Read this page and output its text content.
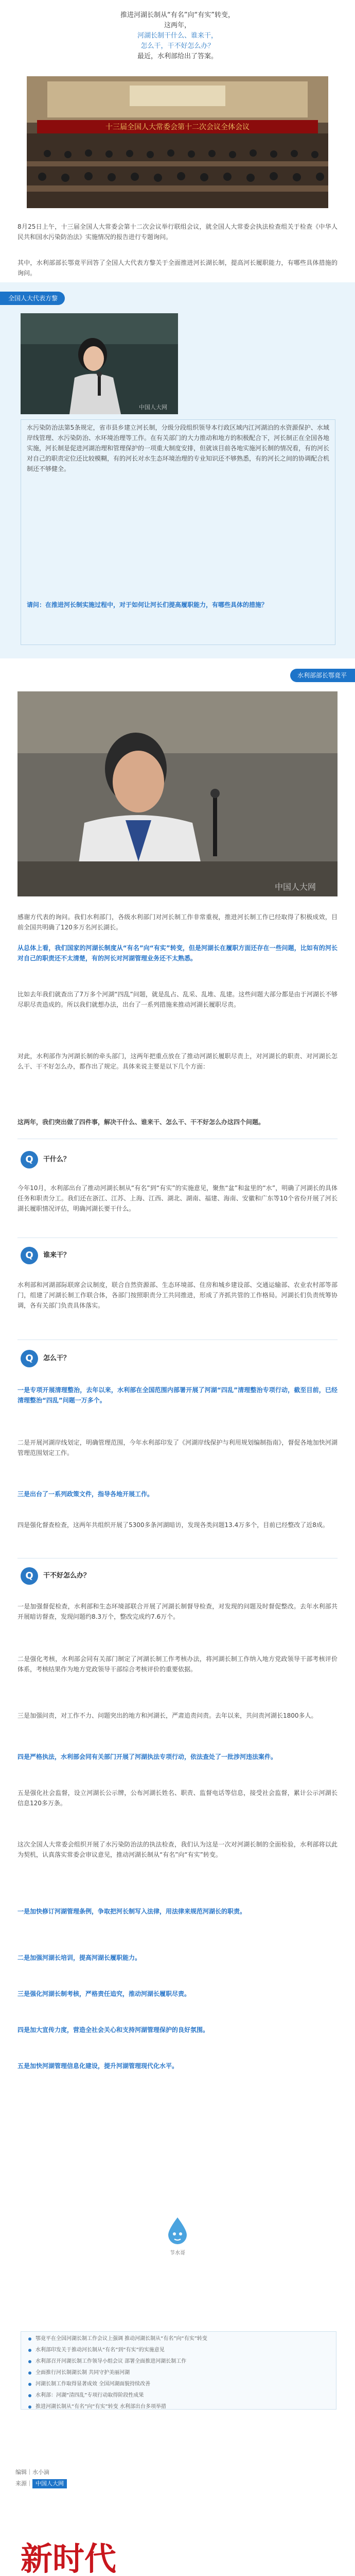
推进河湖长制从“有名”向“有实”转变，
这两年，
河湖长制干什么、谁来干，
怎么干，干不好怎么办？
最近，水利部给出了答案。
十三届全国人大常委会第十二次会议全体会议

8月25日上午，十三届全国人大常委会第十二次会议举行联组会议，就全国人大常委会执法检查组关于检查《中华人民共和国水污染防治法》实施情况的报告进行专题询问。

其中，水利部部长鄂竟平回答了全国人大代表方黎关于全面推进河长湖长制，提高河长履职能力，有哪些具体措施的询问。

全国人大代表方黎
中国人大网

水污染防治法第5条规定，省市县乡建立河长制，分级分段组织领导本行政区域内江河湖泊的水资源保护、水域岸线管理、水污染防治、水环境治理等工作。在有关部门的大力推动和地方的积极配合下，河长制正在全国各地实施，河长制是促进河湖治理和管理保护的一项重大制度安排，但就该目前各地实施河长制的情况看，有的河长对自己的职责定位还比较模糊，有的河长对水生态环境治理的专业知识还不够熟悉，有的河长之间的协调配合机制还不够健全。

请问：在推进河长制实施过程中，对于如何让河长们提高履职能力，有哪些具体的措施？

水利部部长鄂竟平
中国人大网

感谢方代表的询问。我们水利部门，各级水利部门对河长制工作非常重视，推进河长制工作已经取得了积极成效，目前全国共明确了120多万名河长湖长。

从总体上看，我们国家的河湖长制度从“有名”向“有实”转变，但是河湖长在履职方面还存在一些问题，比如有的河长对自己的职责还不太清楚，有的河长对河湖管理业务还不太熟悉。

比如去年我们就查出了7万多个河湖“四乱”问题，就是乱占、乱采、乱堆、乱建。这些问题大部分都是由于河湖长不够尽职尽责造成的。所以我们就想办法，出台了一系列措施来推动河湖长履职尽责。

对此，水利部作为河湖长制的牵头部门，这两年把重点放在了推动河湖长履职尽责上，对河湖长的职责、对河湖长怎么干、干不好怎么办，都作出了规定。具体来说主要是以下几个方面：

这两年，我们突出做了四件事，解决干什么、谁来干、怎么干、干不好怎么办这四个问题。

Q	干什么？

今年10月，水利部出台了推动河湖长制从“有名”到“有实”的实施意见，聚焦“盆”和盆里的“水”，明确了河湖长的具体任务和职责分工。我们还在浙江、江苏、上海、江西、湖北、湖南、福建、海南、安徽和广东等10个省份开展了河长湖长履职情况评估，明确河湖长要干什么。

Q	谁来干？

水利部和河湖部际联席会议制度，联合自然资源部、生态环境部、住房和城乡建设部、交通运输部、农业农村部等部门，组建了河湖长制工作联合体，各部门按照职责分工共同推进，形成了齐抓共管的工作格局。河湖长们负责统筹协调，各有关部门负责具体落实。

Q	怎么干？

一是专项开展清理整治，去年以来，水利部在全国范围内部署开展了河湖“四乱”清理整治专项行动，截至目前，已经清理整治“四乱”问题一万多个。

二是开展河湖岸线划定，明确管理范围，今年水利部印发了《河湖岸线保护与利用规划编制指南》，督促各地加快河湖管理范围划定工作。

三是出台了一系列政策文件，指导各地开展工作。

四是强化督查检查，这两年共组织开展了5300多条河湖暗访，发现各类问题13.4万多个，目前已经整改了近8成。

Q	干不好怎么办？

一是加强督促检查，水利部和生态环境部联合开展了河湖长制督导检查，对发现的问题及时督促整改。去年水利部共开展暗访督查，发现问题约8.3万个，整改完成约7.6万个。

二是强化考核，水利部会同有关部门制定了河湖长制工作考核办法，将河湖长制工作纳入地方党政领导干部考核评价体系，考核结果作为地方党政领导干部综合考核评价的重要依据。

三是加强问责，对工作不力、问题突出的地方和河湖长，严肃追责问责。去年以来，共问责河湖长1800多人。

四是严格执法，水利部会同有关部门开展了河湖执法专项行动，依法查处了一批涉河违法案件。

五是强化社会监督，设立河湖长公示牌，公布河湖长姓名、职责、监督电话等信息，接受社会监督，累计公示河湖长信息120多万条。

这次全国人大常委会组织开展了水污染防治法的执法检查，我们认为这是一次对河湖长制的全面检验，水利部将以此为契机，认真落实常委会审议意见，推动河湖长制从“有名”向“有实”转变。

一是加快修订河湖管理条例，争取把河长制写入法律，用法律来规范河湖长的职责。

二是加强河湖长培训，提高河湖长履职能力。

三是强化河湖长制考核，严格责任追究，推动河湖长履职尽责。

四是加大宣传力度，营造全社会关心和支持河湖管理保护的良好氛围。

五是加快河湖管理信息化建设，提升河湖管理现代化水平。

节水哥
鄂竟平在全国河湖长制工作会议上强调 推动河湖长制从“有名”向“有实”转变
水利部印发关于推动河长制从“有名”到“有实”的实施意见
水利部召开河湖长制工作领导小组会议 部署全面推进河湖长制工作
全面推行河长制湖长制 共同守护美丽河湖
河湖长制工作取得显著成效 全国河湖面貌持续改善
水利部：河湖“清四乱”专项行动取得阶段性成果
推进河湖长制从“有名”向“有实”转变 水利部出台多项举措
编辑｜水小滴
来源｜ 中国人大网
新时代
